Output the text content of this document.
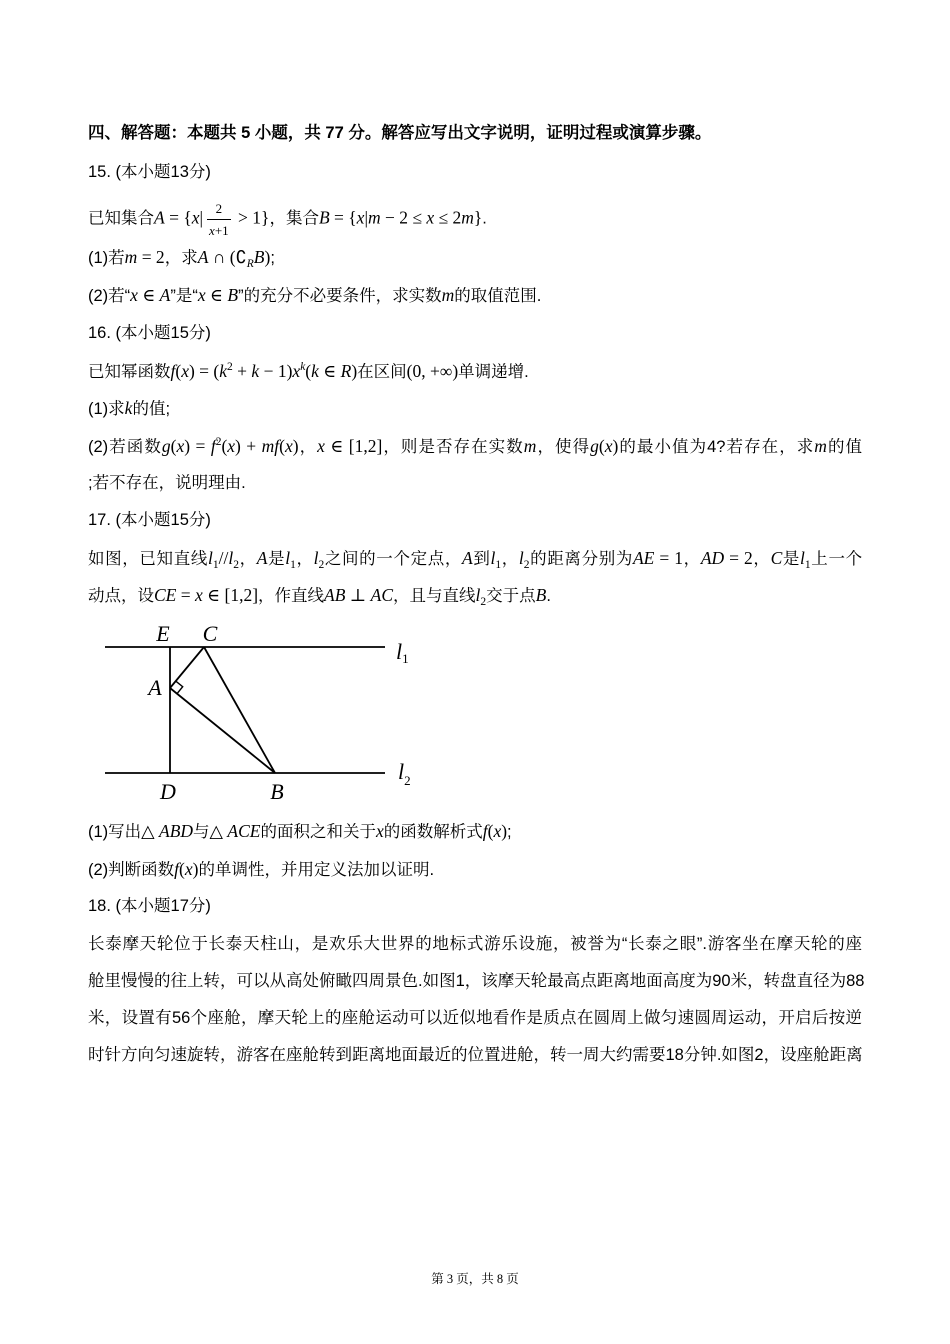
四、解答题：本题共 5 小题，共 77 分。解答应写出文字说明，证明过程或演算步骤。

15. (本小题13分)

已知集合$A = \{x| \frac{2}{x+1} > 1\}$，集合B = {x|m − 2 ≤ x ≤ 2m}.

(1)若m = 2，求A ∩ $(∁_RB)$;

(2)若“x ∈ A”是“x ∈ B”的充分不必要条件，求实数m的取值范围.

16. (本小题15分)

已知幂函数$f(x) = (k^2 + k - 1)x^k(k$ ∈ R)在区间(0, +∞)单调递增.

(1)求k的值;

(2)若函数$g(x) = f^2(x) + mf(x)$，x ∈ [1,2]，则是否存在实数m，使得g(x)的最小值为4?若存在，求m的值

;若不存在，说明理由.

17. (本小题15分)

如图，已知直线$l_1//l_2$，A是$l_1$，$l_2$之间的一个定点，A到$l_1$，$l_2$的距离分别为AE = 1，AD = 2，C是$l_1$上一个

动点，设CE = x ∈ [1,2]，作直线AB ⊥ AC，且与直线$l_2$交于点B.

E C
A
D	B
l1
$l_2$

(1)写出△ ABD与△ ACE的面积之和关于x的函数解析式f(x);

(2)判断函数f(x)的单调性，并用定义法加以证明.

18. (本小题17分)

长泰摩天轮位于长泰天柱山，是欢乐大世界的地标式游乐设施，被誉为“长泰之眼”.游客坐在摩天轮的座

舱里慢慢的往上转，可以从高处俯瞰四周景色.如图1，该摩天轮最高点距离地面高度为90米，转盘直径为88

米，设置有56个座舱，摩天轮上的座舱运动可以近似地看作是质点在圆周上做匀速圆周运动，开启后按逆

时针方向匀速旋转，游客在座舱转到距离地面最近的位置进舱，转一周大约需要18分钟.如图2，设座舱距离

第 3 页，共 8 页
